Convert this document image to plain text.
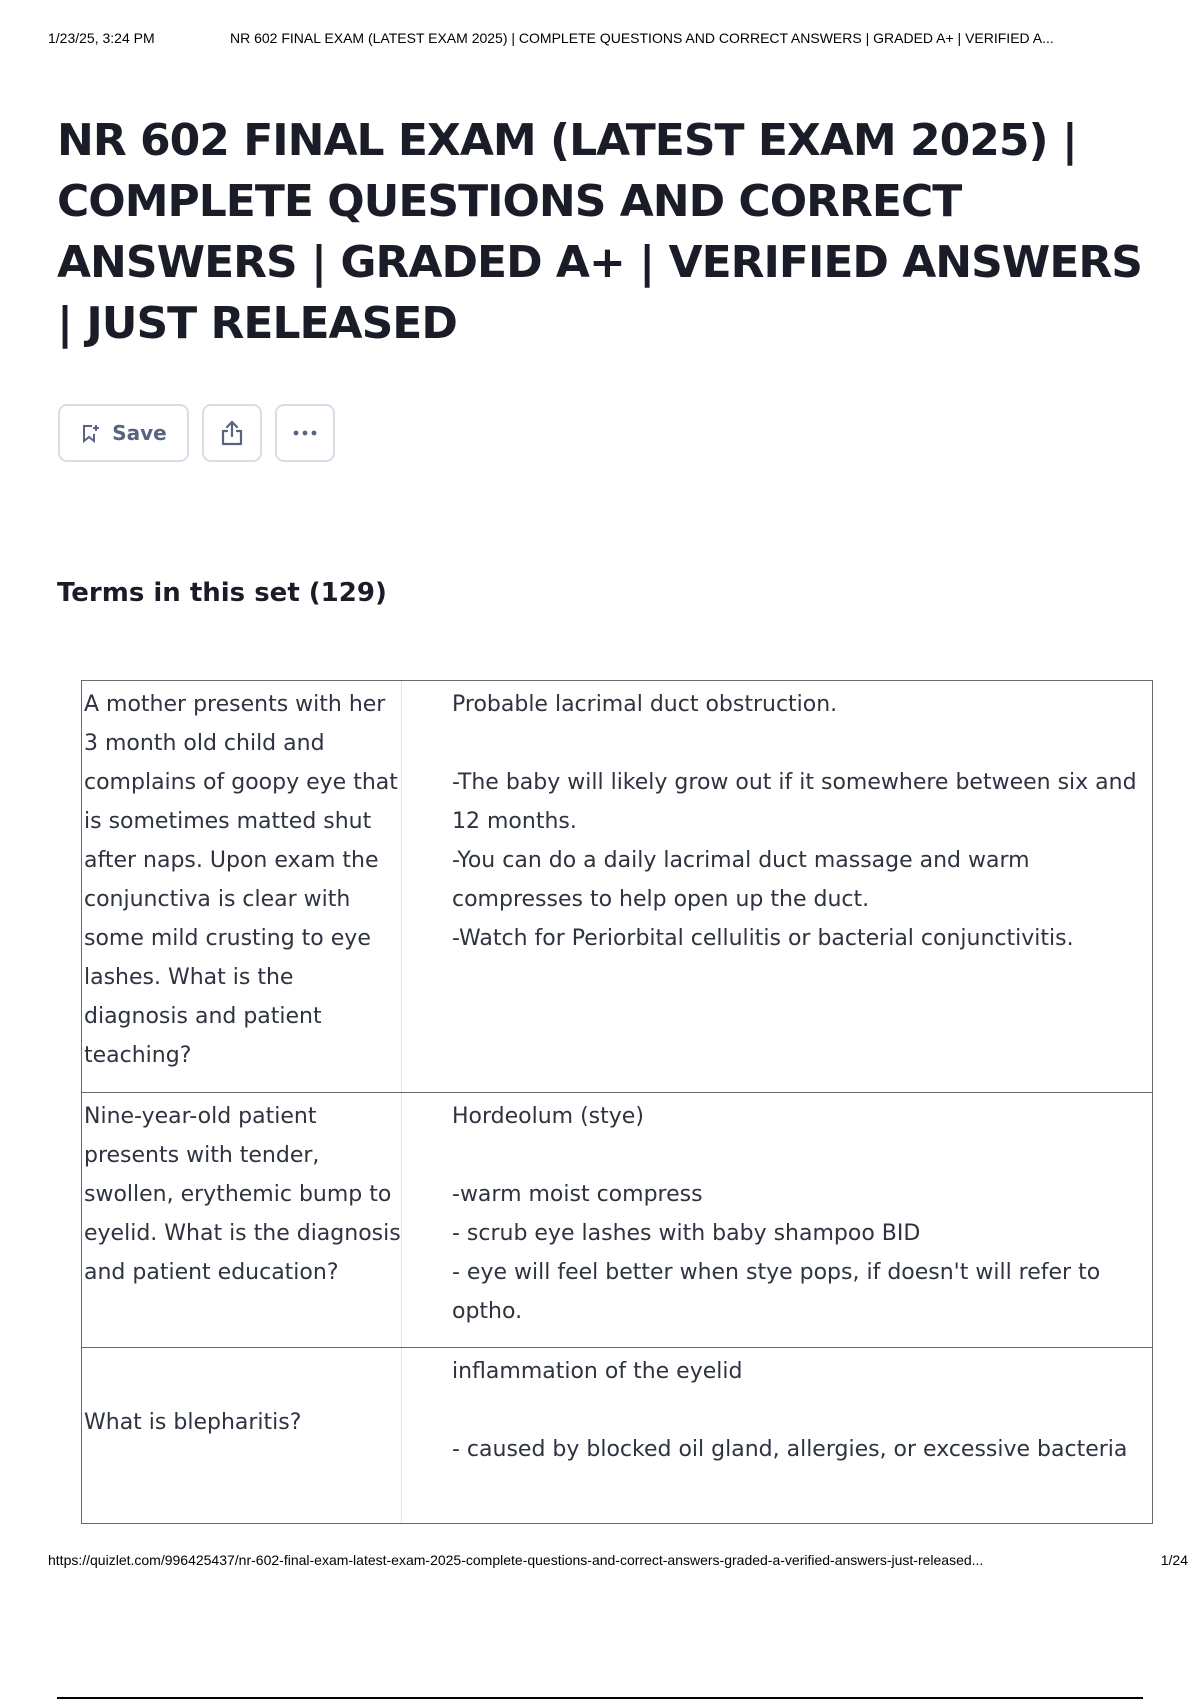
1/23/25, 3:24 PM	NR 602 FINAL EXAM (LATEST EXAM 2025) | COMPLETE QUESTIONS AND CORRECT ANSWERS | GRADED A+ | VERIFIED A...
NR 602 FINAL EXAM (LATEST EXAM 2025) | COMPLETE QUESTIONS AND CORRECT ANSWERS | GRADED A+ | VERIFIED ANSWERS | JUST RELEASED
Save
Terms in this set (129)
A mother presents with her 3 month old child and complains of goopy eye that is sometimes matted shut after naps. Upon exam the conjunctiva is clear with some mild crusting to eye lashes. What is the diagnosis and patient teaching?
Probable lacrimal duct obstruction.

-The baby will likely grow out if it somewhere between six and 12 months.
-You can do a daily lacrimal duct massage and warm compresses to help open up the duct.
-Watch for Periorbital cellulitis or bacterial conjunctivitis.
Nine-year-old patient presents with tender, swollen, erythemic bump to eyelid. What is the diagnosis and patient education?
Hordeolum (stye)

-warm moist compress
- scrub eye lashes with baby shampoo BID
- eye will feel better when stye pops, if doesn't will refer to optho.
What is blepharitis?
inflammation of the eyelid

- caused by blocked oil gland, allergies, or excessive bacteria
https://quizlet.com/996425437/nr-602-final-exam-latest-exam-2025-complete-questions-and-correct-answers-graded-a-verified-answers-just-released...	1/24
